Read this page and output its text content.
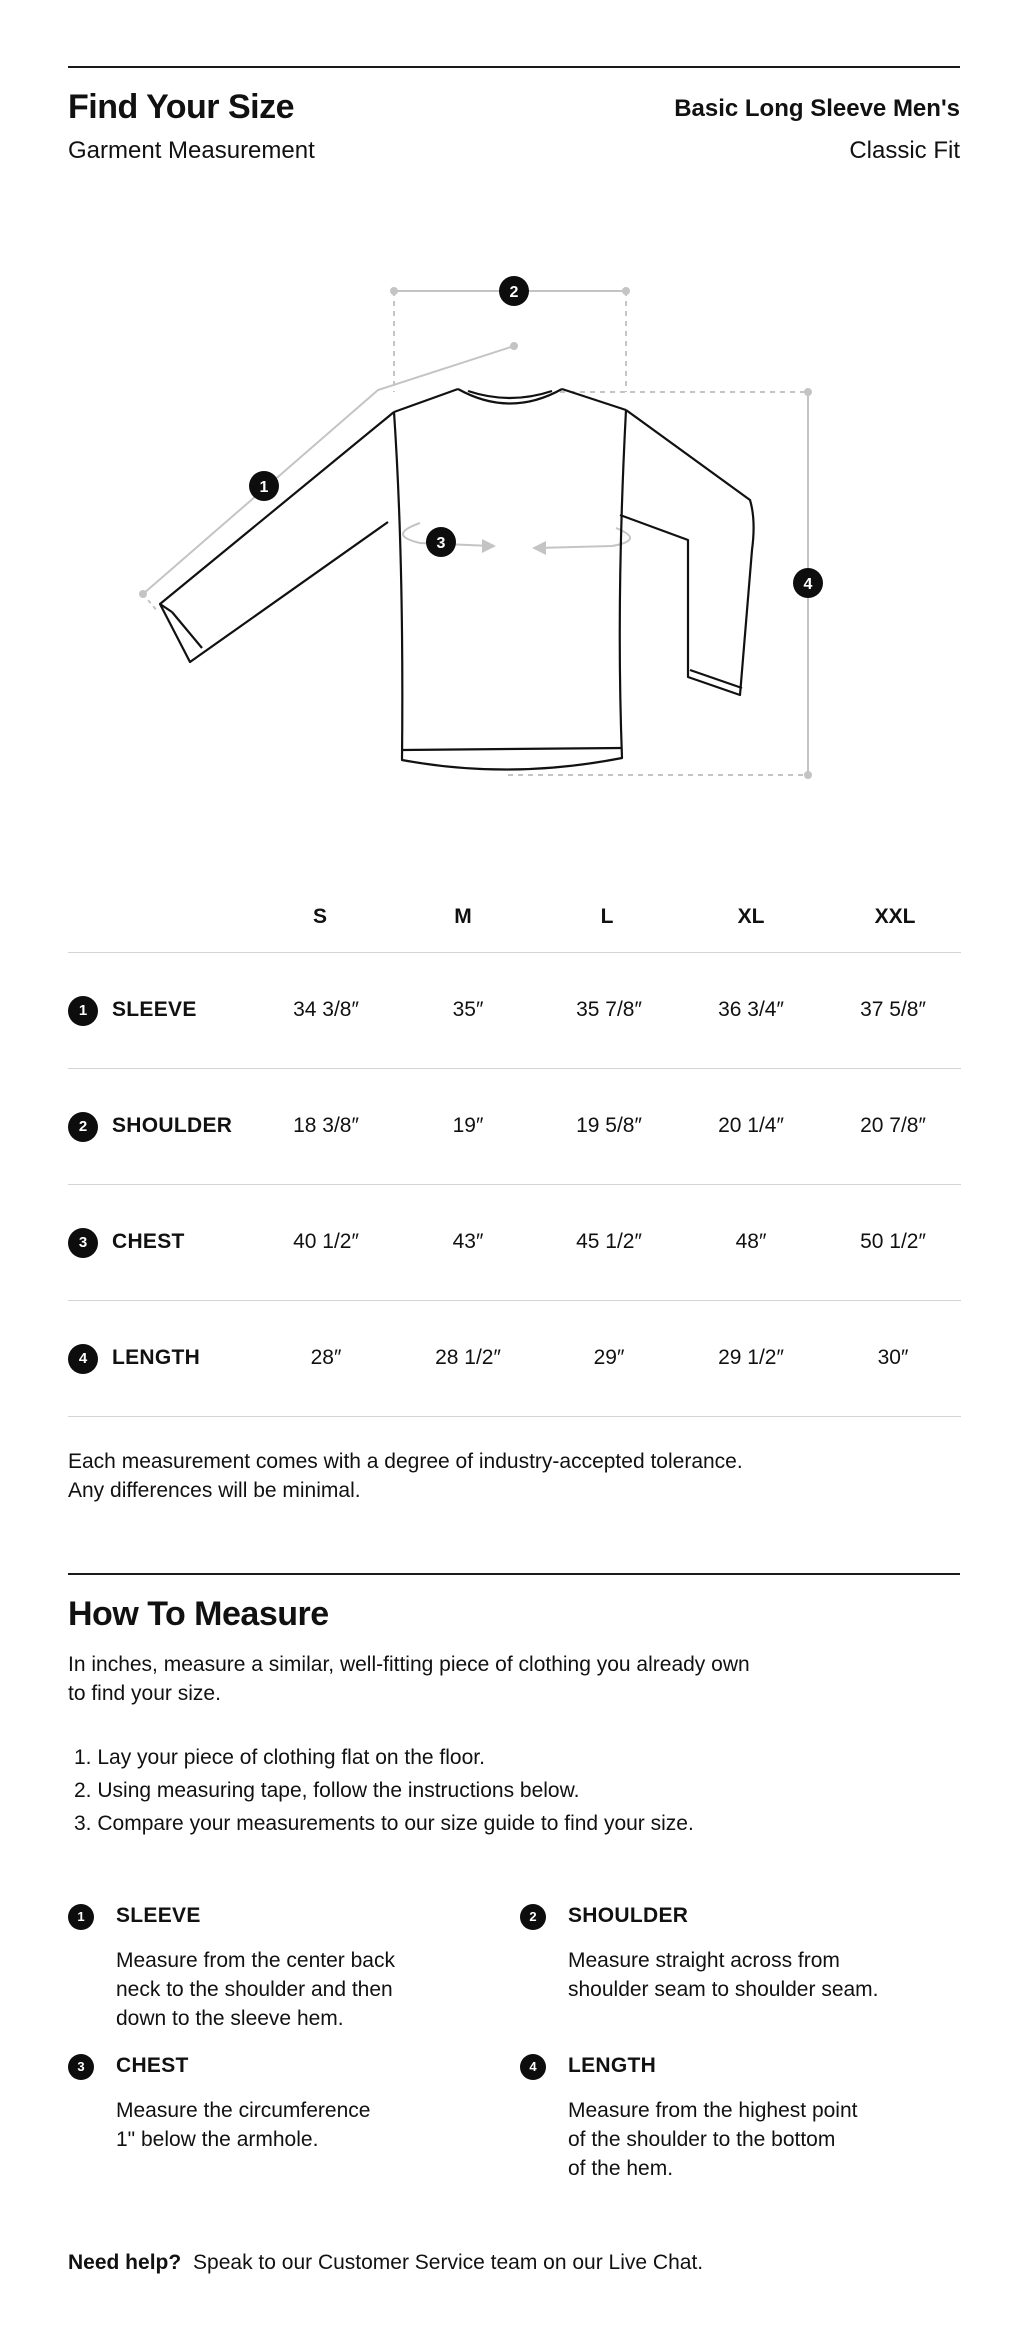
Find Your Size
Garment Measurement
Basic Long Sleeve Men's
Classic Fit
2
1
3
4
S	M	L	XL	XXL
1	SLEEVE	34 3/8″	35″	35 7/8″	36 3/4″	37 5/8″
2	SHOULDER	18 3/8″	19″	19 5/8″	20 1/4″	20 7/8″
3	CHEST	40 1/2″	43″	45 1/2″	48″	50 1/2″
4	LENGTH	28″	28 1/2″	29″	29 1/2″	30″
Each measurement comes with a degree of industry-accepted tolerance.
Any differences will be minimal.
How To Measure
In inches, measure a similar, well-fitting piece of clothing you already own
to find your size.
1. Lay your piece of clothing flat on the floor.
2. Using measuring tape, follow the instructions below.
3. Compare your measurements to our size guide to find your size.
1	SLEEVE
Measure from the center back
neck to the shoulder and then
down to the sleeve hem.
2	SHOULDER
Measure straight across from
shoulder seam to shoulder seam.
3	CHEST
Measure the circumference
1" below the armhole.
4	LENGTH
Measure from the highest point
of the shoulder to the bottom
of the hem.
Need help? Speak to our Customer Service team on our Live Chat.
